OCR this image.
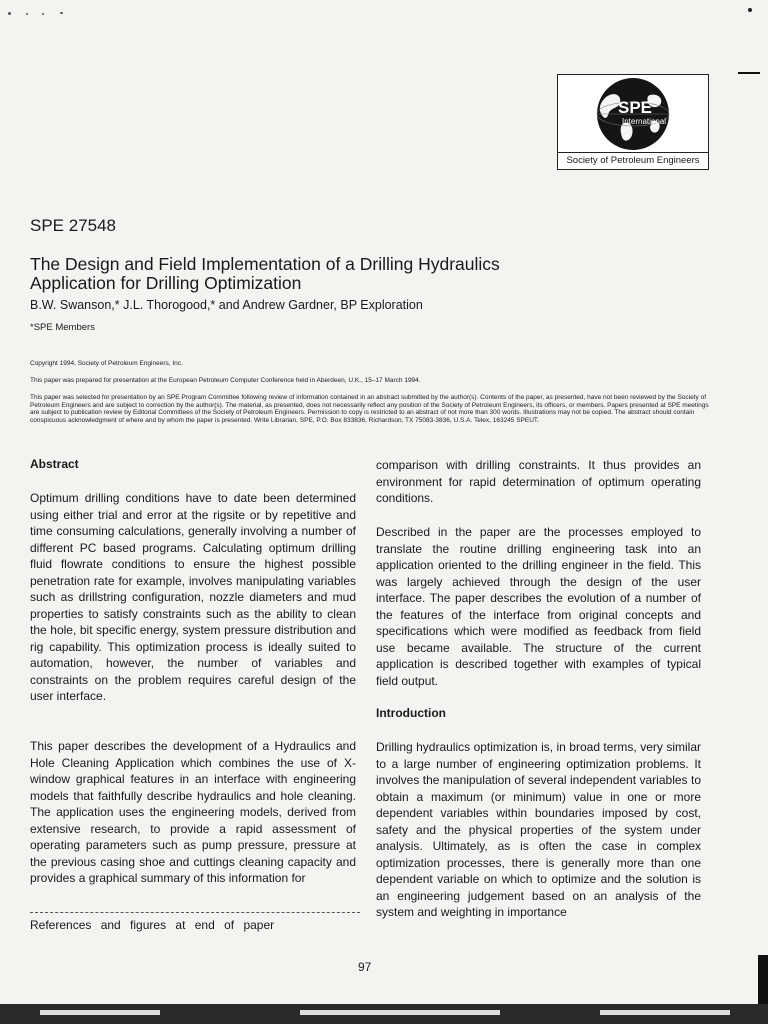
SPE
International
Society of Petroleum Engineers
SPE 27548
The Design and Field Implementation of a Drilling Hydraulics Application for Drilling Optimization
B.W. Swanson,* J.L. Thorogood,* and Andrew Gardner, BP Exploration
*SPE Members
Copyright 1994, Society of Petroleum Engineers, Inc.
This paper was prepared for presentation at the European Petroleum Computer Conference held in Aberdeen, U.K., 15–17 March 1994.
This paper was selected for presentation by an SPE Program Committee following review of information contained in an abstract submitted by the author(s). Contents of the paper, as presented, have not been reviewed by the Society of Petroleum Engineers and are subject to correction by the author(s). The material, as presented, does not necessarily reflect any position of the Society of Petroleum Engineers, its officers, or members. Papers presented at SPE meetings are subject to publication review by Editorial Committees of the Society of Petroleum Engineers. Permission to copy is restricted to an abstract of not more than 300 words. Illustrations may not be copied. The abstract should contain conspicuous acknowledgment of where and by whom the paper is presented. Write Librarian, SPE, P.O. Box 833836, Richardson, TX 75083-3836, U.S.A. Telex, 163245 SPEUT.
Abstract

Optimum drilling conditions have to date been determined using either trial and error at the rigsite or by repetitive and time consuming calculations, generally involving a number of different PC based programs. Calculating optimum drilling fluid flowrate conditions to ensure the highest possible penetration rate for example, involves manipulating variables such as drillstring configuration, nozzle diameters and mud properties to satisfy constraints such as the ability to clean the hole, bit specific energy, system pressure distribution and rig capability. This optimization process is ideally suited to automation, however, the number of variables and constraints on the problem requires careful design of the user interface.

This paper describes the development of a Hydraulics and Hole Cleaning Application which combines the use of X-window graphical features in an interface with engineering models that faithfully describe hydraulics and hole cleaning. The application uses the engineering models, derived from extensive research, to provide a rapid assessment of operating parameters such as pump pressure, pressure at the previous casing shoe and cuttings cleaning capacity and provides a graphical summary of this information for

References and figures at end of paper

comparison with drilling constraints. It thus provides an environment for rapid determination of optimum operating conditions.

Described in the paper are the processes employed to translate the routine drilling engineering task into an application oriented to the drilling engineer in the field. This was largely achieved through the design of the user interface. The paper describes the evolution of a number of the features of the interface from original concepts and specifications which were modified as feedback from field use became available. The structure of the current application is described together with examples of typical field output.

Introduction

Drilling hydraulics optimization is, in broad terms, very similar to a large number of engineering optimization problems. It involves the manipulation of several independent variables to obtain a maximum (or minimum) value in one or more dependent variables within boundaries imposed by cost, safety and the physical properties of the system under analysis. Ultimately, as is often the case in complex optimization processes, there is generally more than one dependent variable on which to optimize and the solution is an engineering judgement based on an analysis of the system and weighting in importance

97
